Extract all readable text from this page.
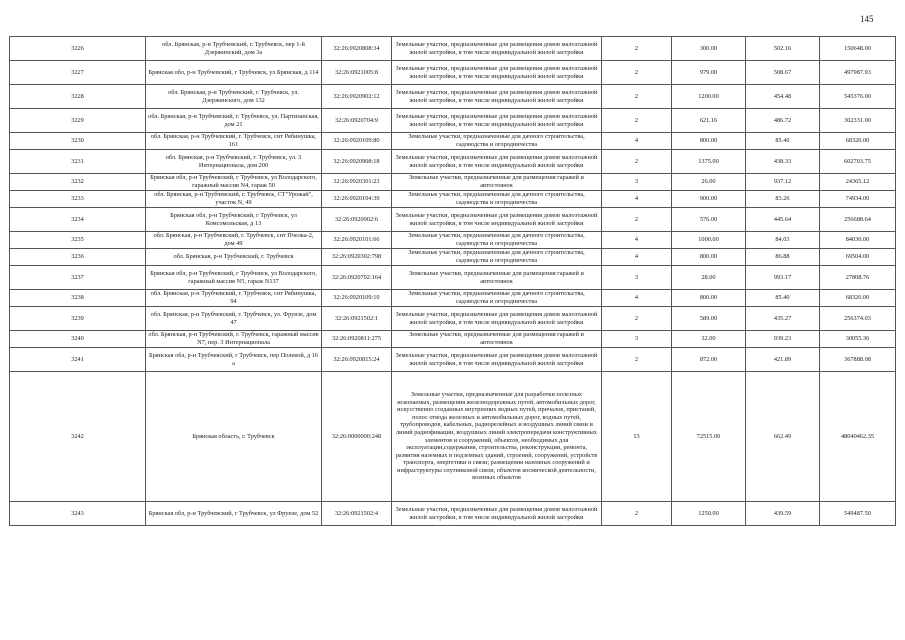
145
3226	обл. Брянская, р-н Трубчевский, г. Трубчевск, пер 1-й Дзержинский, дом 3а	32:26:0920808:34	Земельные участки, предназначенные для размещения домов малоэтажной жилой застройки, в том числе индивидуальной жилой застройки	2	300.00	502.16	150648.00
3227	Брянская обл, р-н Трубчевский, г Трубчевск, ул Брянская, д 114	32:26:0921005:8	Земельные участки, предназначенные для размещения домов малоэтажной жилой застройки, в том числе индивидуальной жилой застройки	2	979.00	508.67	497987.93
3228	обл. Брянская, р-н Трубчевский, г. Трубчевск, ул. Дзержинского, дом 132	32:26:0920902:12	Земельные участки, предназначенные для размещения домов малоэтажной жилой застройки, в том числе индивидуальной жилой застройки	2	1200.00	454.48	545376.00
3229	обл. Брянская, р-н Трубчевский, г. Трубчевск, ул. Партизанская, дом 21	32:26:0920704:9	Земельные участки, предназначенные для размещения домов малоэтажной жилой застройки, в том числе индивидуальной жилой застройки	2	621.16	486.72	302331.00
3230	обл. Брянская, р-н Трубчевский, г. Трубчевск, снт Рябинушка, 161	32:26:0920109:80	Земельные участки, предназначенные для дачного строительства, садоводства и огородничества	4	800.00	85.40	68320.00
3231	обл. Брянская, р-н Трубчевский, г. Трубчевск, ул. 3 Интернационала, дом 200	32:26:0920908:18	Земельные участки, предназначенные для размещения домов малоэтажной жилой застройки, в том числе индивидуальной жилой застройки	2	1375.00	438.33	602703.75
3232	Брянская обл, р-н Трубчевский, г Трубчевск, ул Володарского, гаражный массив N4, гараж 50	32:26:0920301:23	Земельные участки, предназначенные для размещения гаражей и автостоянок	3	26.00	937.12	24365.12
3233	обл. Брянская, р-н Трубчевский, г. Трубчевск, СТ"Урожай", участок N, 49	32:26:0920104:39	Земельные участки, предназначенные для дачного строительства, садоводства и огородничества	4	900.00	83.26	74934.00
3234	Брянская обл, р-н Трубчевский, г Трубчевск, ул Комсомольская, д 13	32:26:0920902:6	Земельные участки, предназначенные для размещения домов малоэтажной жилой застройки, в том числе индивидуальной жилой застройки	2	576.00	445.64	256688.64
3235	обл. Брянская, р-н Трубчевский, г. Трубчевск, снт Пчелка-2, дом 49	32:26:0920101:66	Земельные участки, предназначенные для дачного строительства, садоводства и огородничества	4	1000.00	84.03	84030.00
3236	обл. Брянская, р-н Трубчевский, г. Трубчевск	32:26:0920302:798	Земельные участки, предназначенные для дачного строительства, садоводства и огородничества	4	800.00	86.88	69504.00
3237	Брянская обл, р-н Трубчевский, г Трубчевск, ул Володарского, гаражный массив N5, гараж N137	32:26:0920702:164	Земельные участки, предназначенные для размещения гаражей и автостоянок	3	28.00	993.17	27808.76
3238	обл. Брянская, р-н Трубчевский, г. Трубчевск, снт Рябинушка, 94	32:26:0920109:10	Земельные участки, предназначенные для дачного строительства, садоводства и огородничества	4	800.00	85.40	68320.00
3239	обл. Брянская, р-н Трубчевский, г. Трубчевск, ул. Фрунзе, дом 47	32:26:0921502:1	Земельные участки, предназначенные для размещения домов малоэтажной жилой застройки, в том числе индивидуальной жилой застройки	2	589.00	435.27	256374.03
3240	обл. Брянская, р-н Трубчевский, г. Трубчевск, гаражный массив N7, пер. 3 Интернационала	32:26:0920811:275	Земельные участки, предназначенные для размещения гаражей и автостоянок	3	32.00	939.23	30055.36
3241	Брянская обл, р-н Трубчевский, г Трубчевск, пер Полевой, д 16 а	32:26:0920815:24	Земельные участки, предназначенные для размещения домов малоэтажной жилой застройки, в том числе индивидуальной жилой застройки	2	872.00	421.89	367888.08
3242	Брянская область, г. Трубчевск	32:26:0000000:248	Земельные участки, предназначенные для разработки полезных ископаемых, размещения железнодорожных путей, автомобильных дорог, искусственно созданных внутренних водных путей, причалов, пристаней, полос отвода железных и автомобильных дорог, водных путей, трубопроводов, кабельных, радиорелейных и воздушных линий связи и линий радиофикации, воздушных линий электропередачи конструктивных элементов и сооружений, объектов, необходимых для эксплуатации,содержания, строительства, реконструкции, ремонта, развития наземных и подземных зданий, строений, сооружений, устройств транспорта, энергетики и связи; размещения наземных сооружений и инфраструктуры спутниковой связи, объектов космической деятельности, военных объектов	13	72515.00	662.49	48040462.35
3243	Брянская обл, р-н Трубчевский, г Трубчевск, ул Фрунзе, дом 52	32:26:0921502:4	Земельные участки, предназначенные для размещения домов малоэтажной жилой застройки, в том числе индивидуальной жилой застройки	2	1250.00	439.59	549487.50
